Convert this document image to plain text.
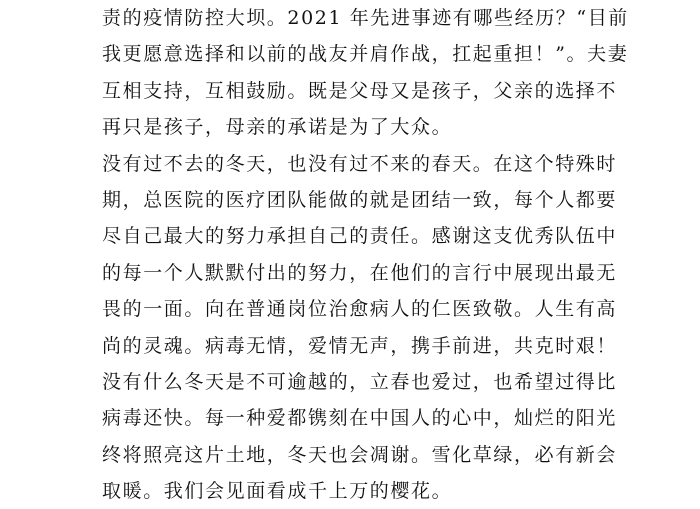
责的疫情防控大坝。2021 年先进事迹有哪些经历？“目前
我更愿意选择和以前的战友并肩作战，扛起重担！”。夫妻
互相支持，互相鼓励。既是父母又是孩子，父亲的选择不
再只是孩子，母亲的承诺是为了大众。
没有过不去的冬天，也没有过不来的春天。在这个特殊时
期，总医院的医疗团队能做的就是团结一致，每个人都要
尽自己最大的努力承担自己的责任。感谢这支优秀队伍中
的每一个人默默付出的努力，在他们的言行中展现出最无
畏的一面。向在普通岗位治愈病人的仁医致敬。人生有高
尚的灵魂。病毒无情，爱情无声，携手前进，共克时艰！
没有什么冬天是不可逾越的，立春也爱过，也希望过得比
病毒还快。每一种爱都镌刻在中国人的心中，灿烂的阳光
终将照亮这片土地，冬天也会凋谢。雪化草绿，必有新会
取暖。我们会见面看成千上万的樱花。
